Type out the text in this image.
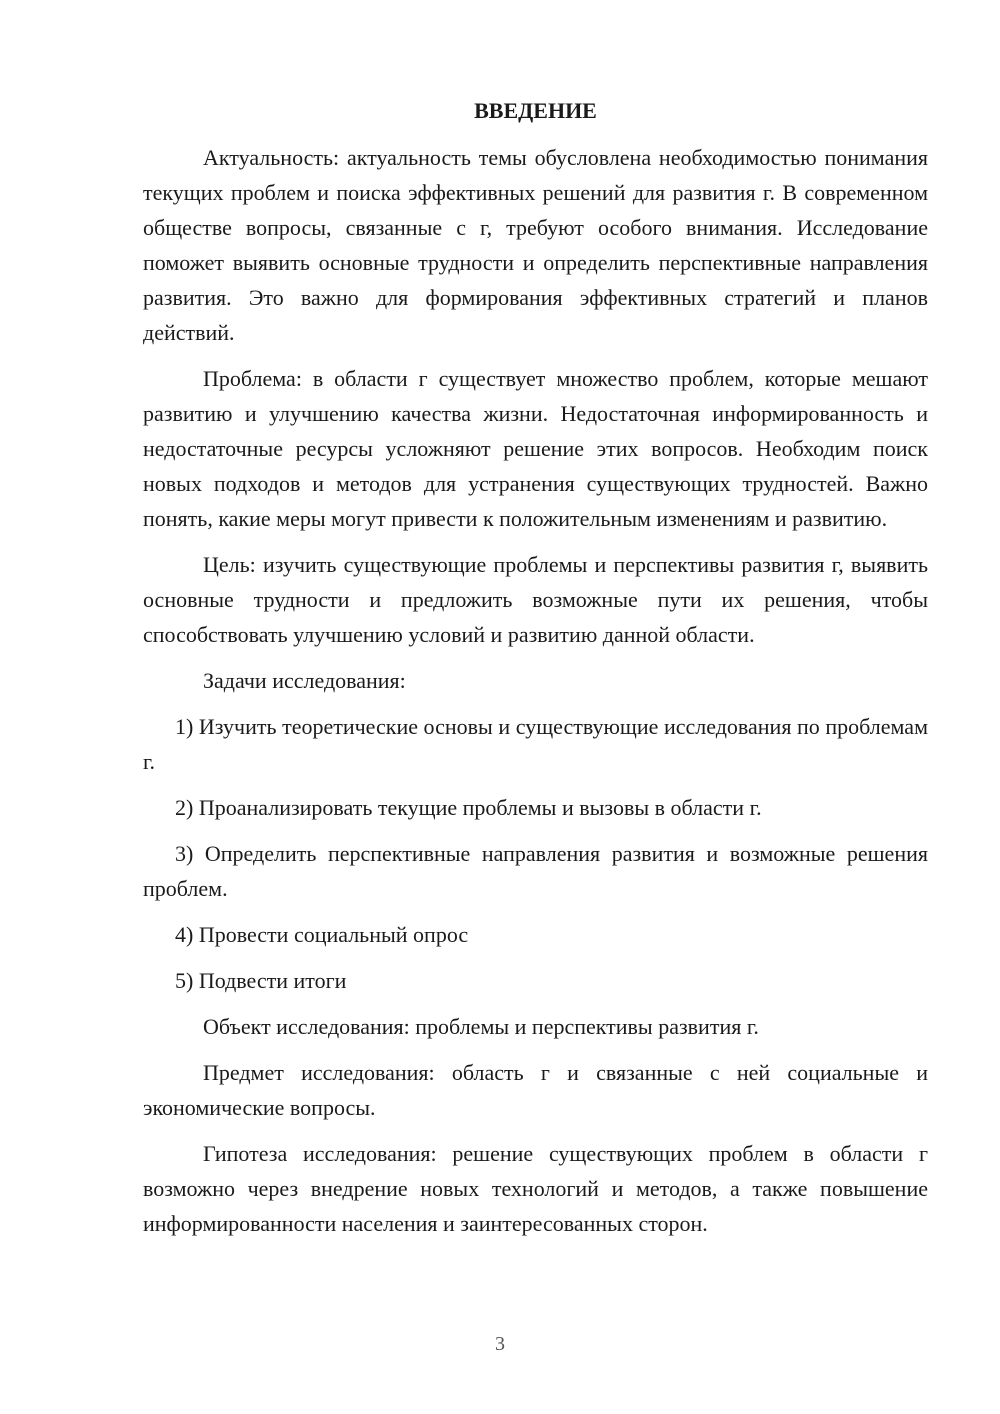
ВВЕДЕНИЕ

Актуальность: актуальность темы обусловлена необходимостью понимания текущих проблем и поиска эффективных решений для развития г. В современном обществе вопросы, связанные с г, требуют особого внимания. Исследование поможет выявить основные трудности и определить перспективные направления развития. Это важно для формирования эффективных стратегий и планов действий.

Проблема: в области г существует множество проблем, которые мешают развитию и улучшению качества жизни. Недостаточная информированность и недостаточные ресурсы усложняют решение этих вопросов. Необходим поиск новых подходов и методов для устранения существующих трудностей. Важно понять, какие меры могут привести к положительным изменениям и развитию.

Цель: изучить существующие проблемы и перспективы развития г, выявить основные трудности и предложить возможные пути их решения, чтобы способствовать улучшению условий и развитию данной области.

Задачи исследования:

1) Изучить теоретические основы и существующие исследования по проблемам г.

2) Проанализировать текущие проблемы и вызовы в области г.

3) Определить перспективные направления развития и возможные решения проблем.

4) Провести социальный опрос

5) Подвести итоги

Объект исследования: проблемы и перспективы развития г.

Предмет исследования: область г и связанные с ней социальные и экономические вопросы.

Гипотеза исследования: решение существующих проблем в области г возможно через внедрение новых технологий и методов, а также повышение информированности населения и заинтересованных сторон.

3
